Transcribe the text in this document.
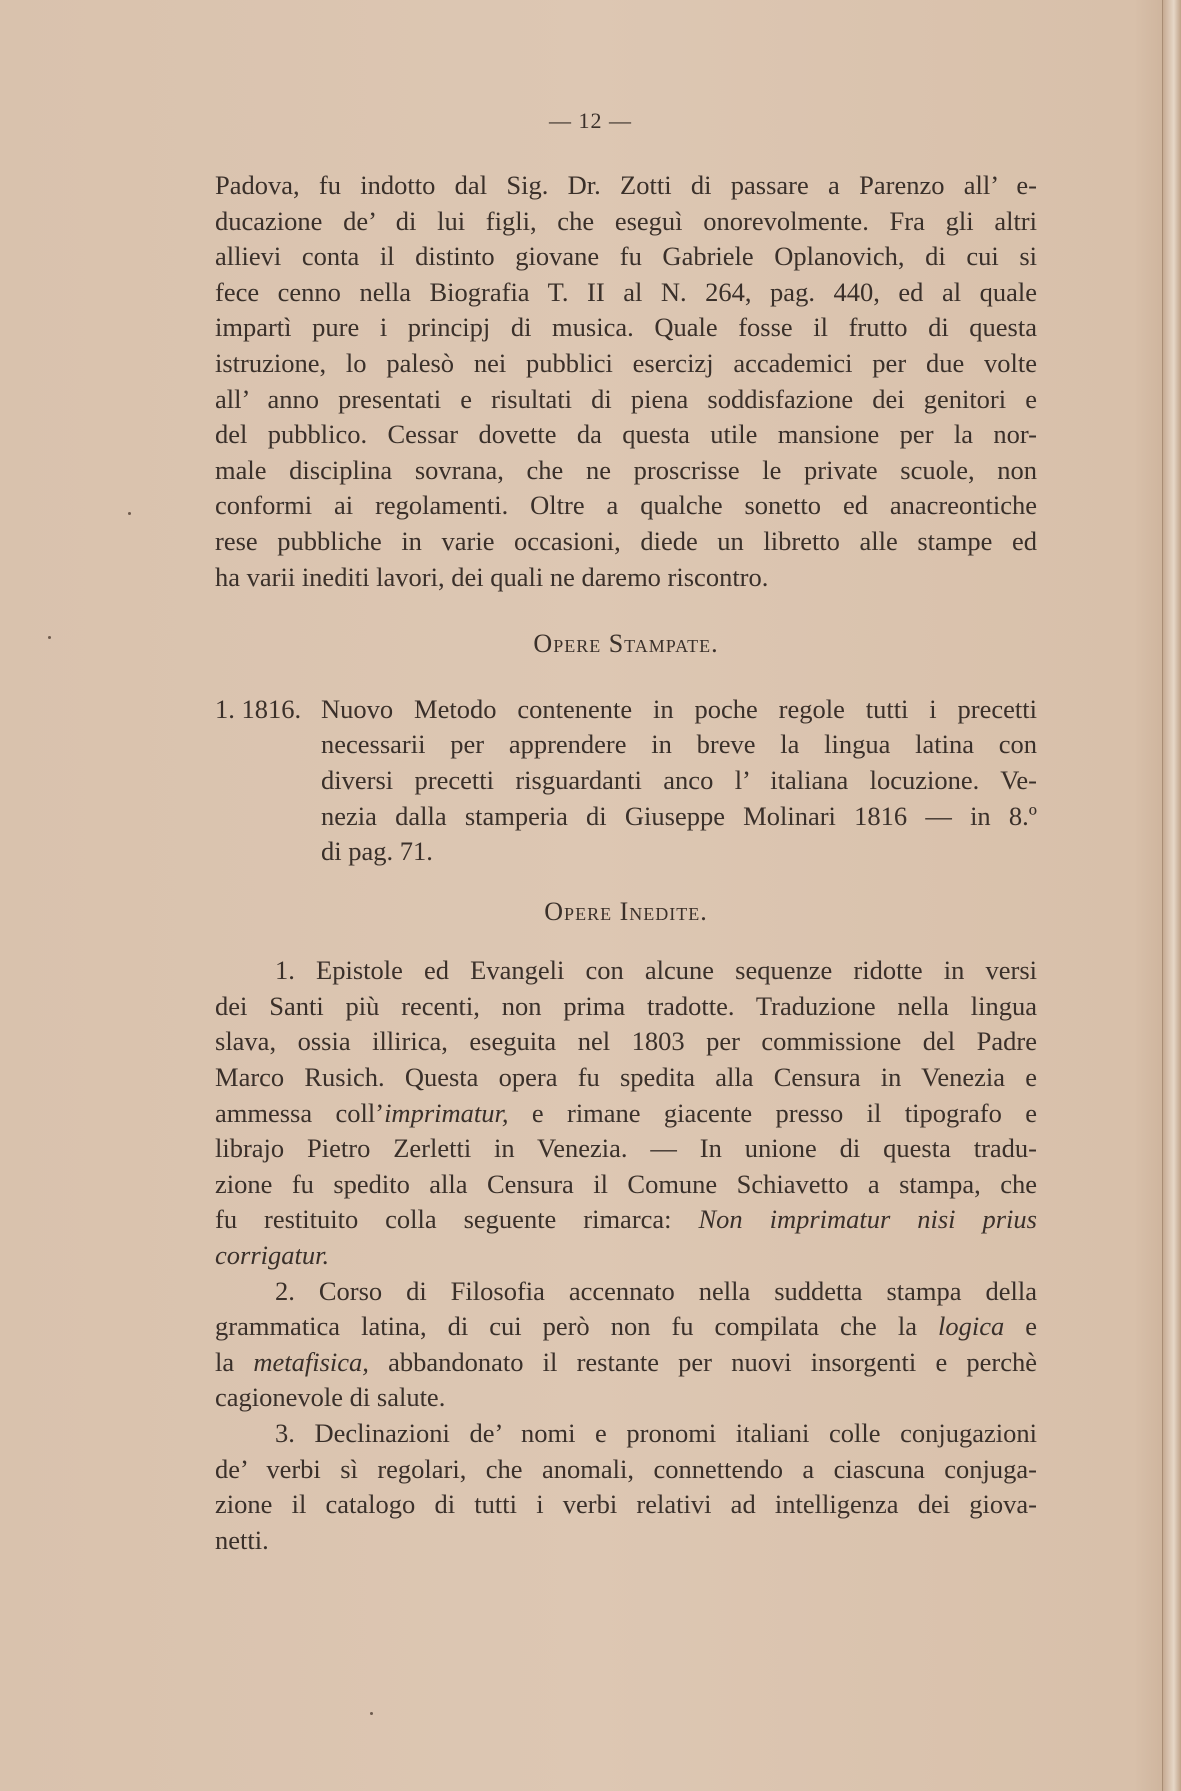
— 12 —
Padova, fu indotto dal Sig. Dr. Zotti di passare a Parenzo all’ e-
ducazione de’ di lui figli, che eseguì onorevolmente. Fra gli altri
allievi conta il distinto giovane fu Gabriele Oplanovich, di cui si
fece cenno nella Biografia T. II al N. 264, pag. 440, ed al quale
impartì pure i principj di musica. Quale fosse il frutto di questa
istruzione, lo palesò nei pubblici esercizj accademici per due volte
all’ anno presentati e risultati di piena soddisfazione dei genitori e
del pubblico. Cessar dovette da questa utile mansione per la nor-
male disciplina sovrana, che ne proscrisse le private scuole, non
conformi ai regolamenti. Oltre a qualche sonetto ed anacreontiche
rese pubbliche in varie occasioni, diede un libretto alle stampe ed
ha varii inediti lavori, dei quali ne daremo riscontro.
Opere Stampate.
1. 1816. Nuovo Metodo contenente in poche regole tutti i precetti
necessarii per apprendere in breve la lingua latina con
diversi precetti risguardanti anco l’ italiana locuzione. Ve-
nezia dalla stamperia di Giuseppe Molinari 1816 — in 8.º
di pag. 71.
Opere Inedite.
1. Epistole ed Evangeli con alcune sequenze ridotte in versi
dei Santi più recenti, non prima tradotte. Traduzione nella lingua
slava, ossia illirica, eseguita nel 1803 per commissione del Padre
Marco Rusich. Questa opera fu spedita alla Censura in Venezia e
ammessa coll’imprimatur, e rimane giacente presso il tipografo e
librajo Pietro Zerletti in Venezia. — In unione di questa tradu-
zione fu spedito alla Censura il Comune Schiavetto a stampa, che
fu restituito colla seguente rimarca: Non imprimatur nisi prius
corrigatur.
2. Corso di Filosofia accennato nella suddetta stampa della
grammatica latina, di cui però non fu compilata che la logica e
la metafisica, abbandonato il restante per nuovi insorgenti e perchè
cagionevole di salute.
3. Declinazioni de’ nomi e pronomi italiani colle conjugazioni
de’ verbi sì regolari, che anomali, connettendo a ciascuna conjuga-
zione il catalogo di tutti i verbi relativi ad intelligenza dei giova-
netti.
